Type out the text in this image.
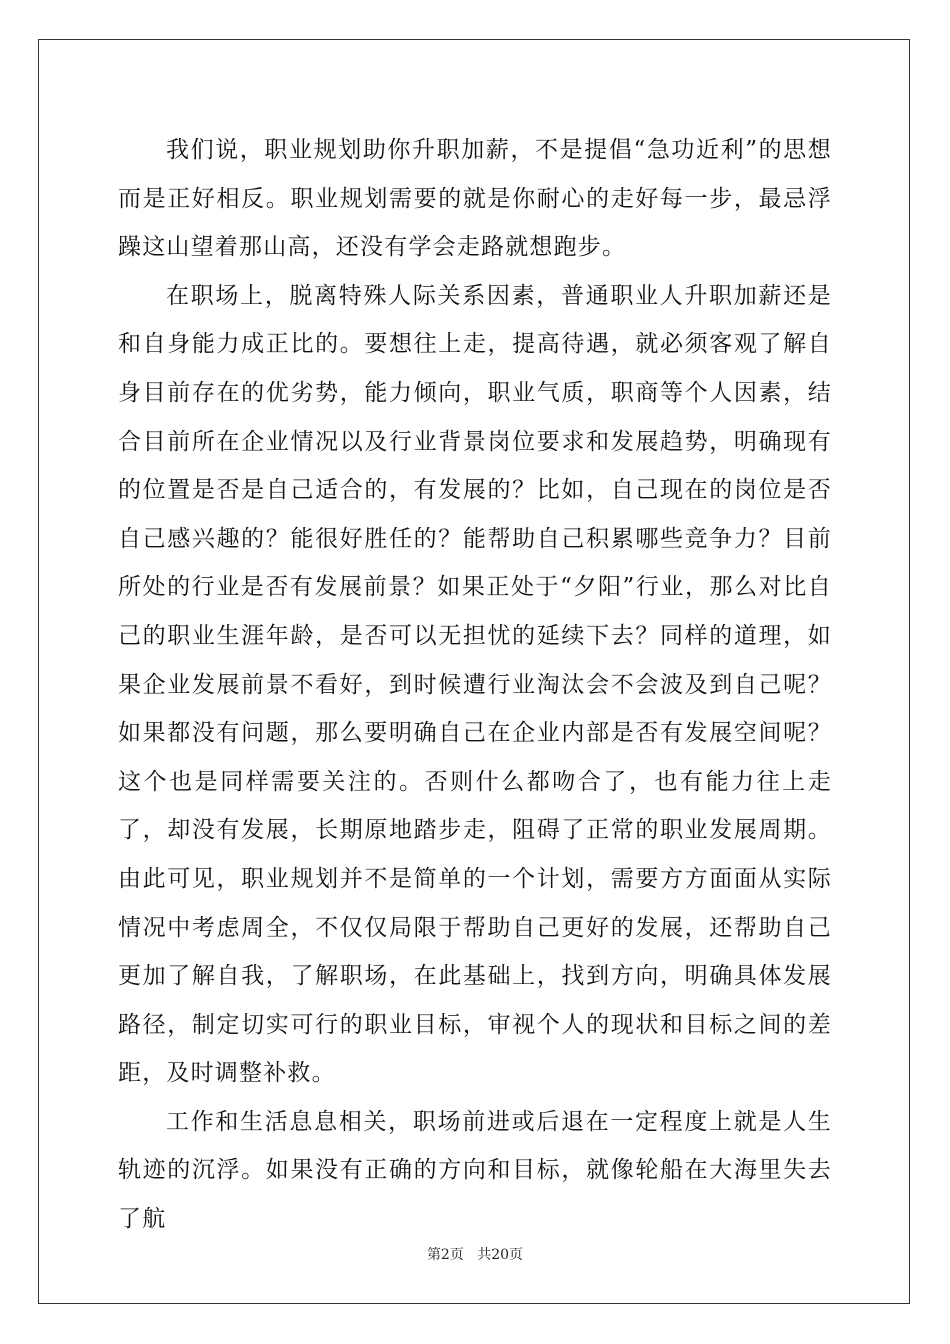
我们说，职业规划助你升职加薪，不是提倡“急功近利”的思想而是正好相反。职业规划需要的就是你耐心的走好每一步，最忌浮躁这山望着那山高，还没有学会走路就想跑步。

在职场上，脱离特殊人际关系因素，普通职业人升职加薪还是和自身能力成正比的。要想往上走，提高待遇，就必须客观了解自身目前存在的优劣势，能力倾向，职业气质，职商等个人因素，结合目前所在企业情况以及行业背景岗位要求和发展趋势，明确现有的位置是否是自己适合的，有发展的？比如，自己现在的岗位是否自己感兴趣的？能很好胜任的？能帮助自己积累哪些竞争力？目前所处的行业是否有发展前景？如果正处于“夕阳”行业，那么对比自己的职业生涯年龄，是否可以无担忧的延续下去？同样的道理，如果企业发展前景不看好，到时候遭行业淘汰会不会波及到自己呢？如果都没有问题，那么要明确自己在企业内部是否有发展空间呢？这个也是同样需要关注的。否则什么都吻合了，也有能力往上走了，却没有发展，长期原地踏步走，阻碍了正常的职业发展周期。由此可见，职业规划并不是简单的一个计划，需要方方面面从实际情况中考虑周全，不仅仅局限于帮助自己更好的发展，还帮助自己更加了解自我，了解职场，在此基础上，找到方向，明确具体发展路径，制定切实可行的职业目标，审视个人的现状和目标之间的差距，及时调整补救。

工作和生活息息相关，职场前进或后退在一定程度上就是人生轨迹的沉浮。如果没有正确的方向和目标，就像轮船在大海里失去了航

第2页 共20页
